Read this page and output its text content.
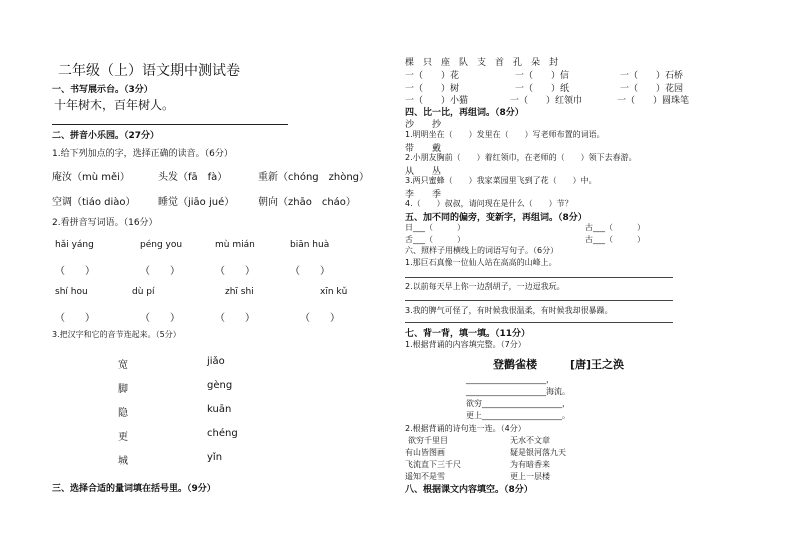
二年级（上）语文期中测试卷
一、书写展示台。（3分）
十年树木，百年树人。
二、拼音小乐园。（27分）
1.给下列加点的字，选择正确的读音。（6分）
庵汝（mù měi）	头发（fā　fà）	重新（chóng　zhòng）
空调（tiáo diào） 睡觉（jiāo jué） 朝向（zhāo　cháo）
2.看拼音写词语。（16分）
hǎi yáng	péng you	mù mián	biān huà
（　　）	（　　）	（　　）	（　　）
shí hou	dù pí	zhī shi	xīn kǔ
（　　）	（　　）	（　　）	（　　）
3.把汉字和它的音节连起来。（5分）
宽
脚
隐
更
城
jiǎo
gèng
kuān
chéng
yǐn
三、选择合适的量词填在括号里。（9分）
棵　只　座　队　支　首　孔　朵　封
一（　　）花	一（　　）信	一（　　）石桥
一（　　）树	一（　　）纸	一（　　）花园
一（　　）小猫	一（　　）红领巾	一（　　）圆珠笔
四、比一比，再组词。（8分）
沙　　抄
1.明明坐在（　　）发里在（　　）写老师布置的词语。
带　　戴
2.小朋友胸前（　　）着红领巾，在老师的（　　）领下去春游。
从　　丛
3.两只蜜蜂（　　）我家菜园里飞到了花（　　）中。
李　　季
4.（　　）叔叔，请问现在是什么（　　）节？
五、加不同的偏旁，变新字，再组词。（8分）
日___（　　　）	古___（　　　）
舌___（　　　）	古___（　　　）
六、照样子用横线上的词语写句子。（6分）
1.那巨石真像一位仙人站在高高的山峰上。
2.以前每天早上你一边刮胡子，一边逗我玩。
3.我的脾气可怪了，有时候我很温柔，有时候我却很暴躁。
七、背一背，填一填。（11分）
1.根据背诵的内容填完整。（7分）
登鹳雀楼	[唐]王之涣
____________________，
____________________海流。
欲穷____________________，
更上____________________。
2.根据背诵的诗句连一连。（4分）
欲穷千里目
有山皆图画
飞流直下三千尺
遥知不是雪
无水不文章
疑是银河落九天
为有暗香来
更上一层楼
八、根据课文内容填空。（8分）
